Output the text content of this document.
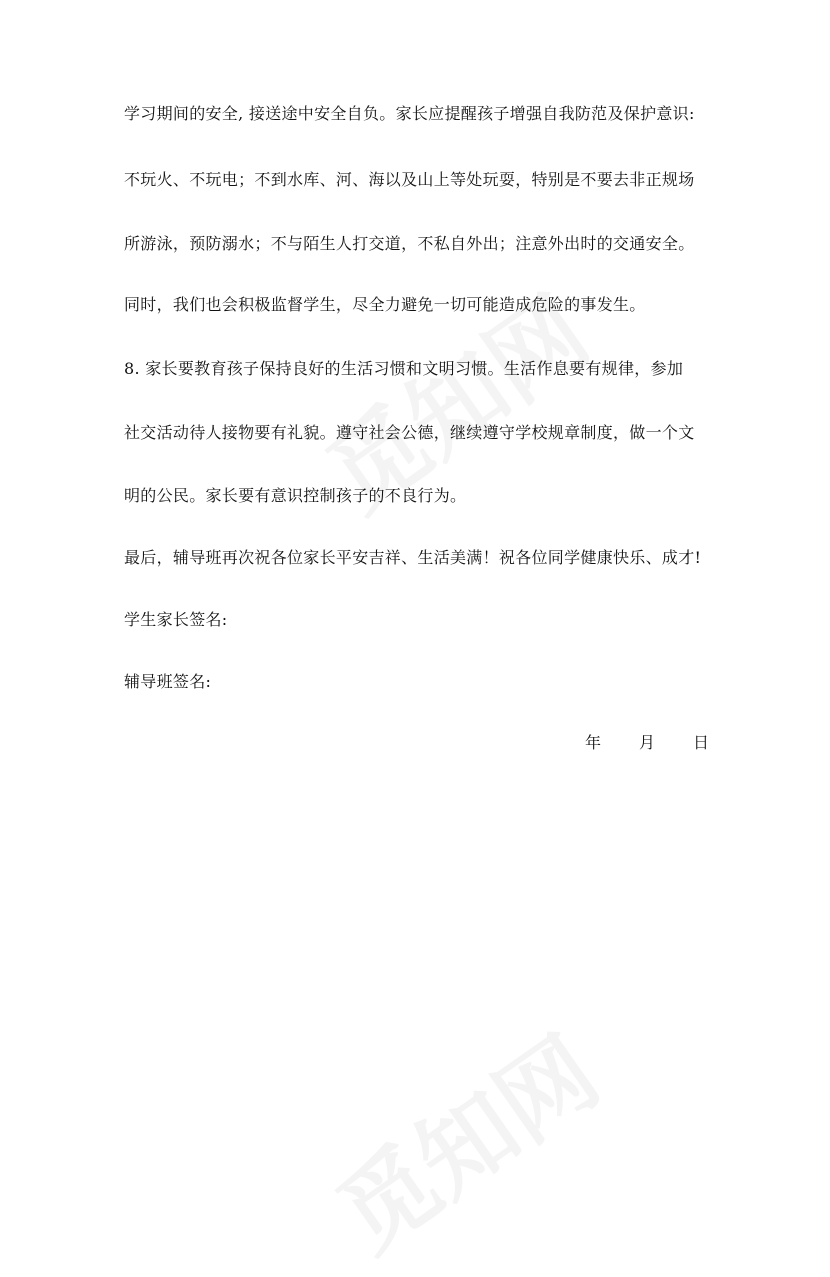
学习期间的安全, 接送途中安全自负。家长应提醒孩子增强自我防范及保护意识:
不玩火、不玩电；不到水库、河、海以及山上等处玩耍，特别是不要去非正规场
所游泳，预防溺水；不与陌生人打交道，不私自外出；注意外出时的交通安全。
同时，我们也会积极监督学生，尽全力避免一切可能造成危险的事发生。
8. 家长要教育孩子保持良好的生活习惯和文明习惯。生活作息要有规律，参加
社交活动待人接物要有礼貌。遵守社会公德，继续遵守学校规章制度，做一个文
明的公民。家长要有意识控制孩子的不良行为。
最后，辅导班再次祝各位家长平安吉祥、生活美满！祝各位同学健康快乐、成才!
学生家长签名:
辅导班签名:
年 月 日
